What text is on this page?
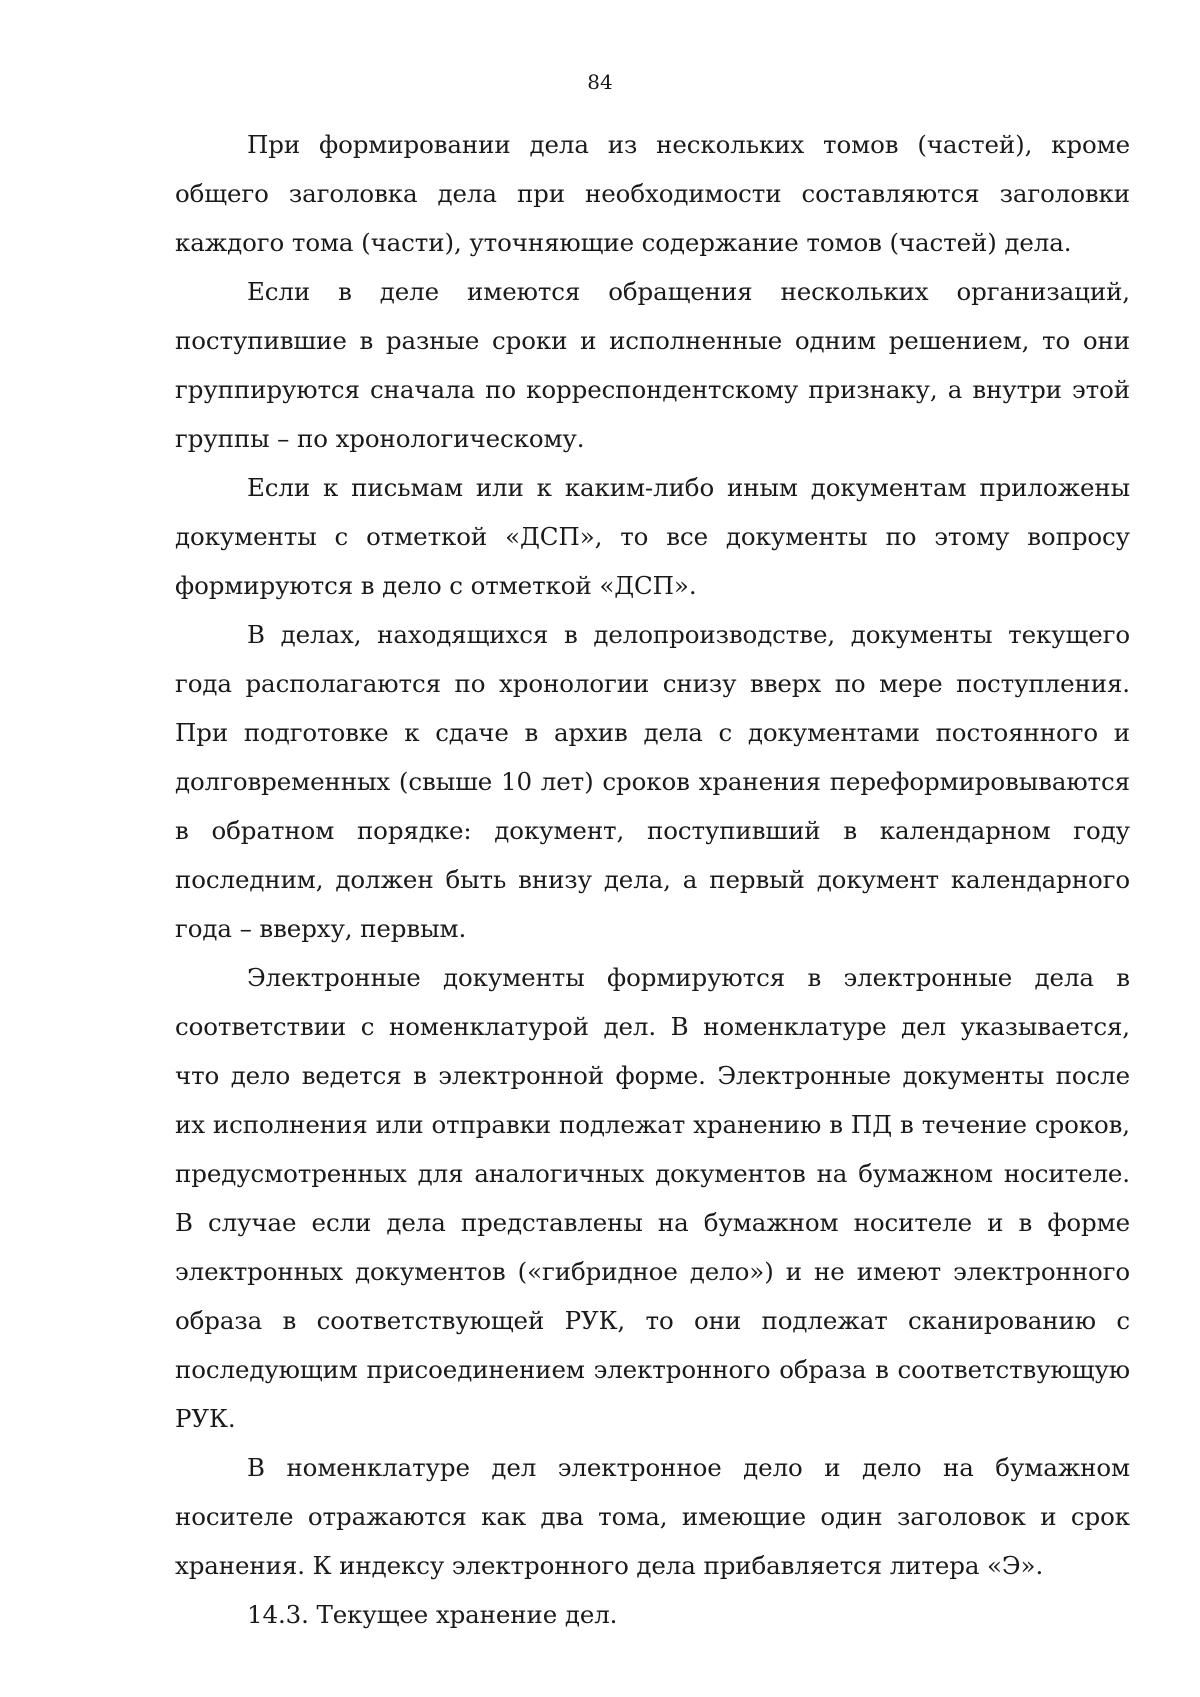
84

При формировании дела из нескольких томов (частей), кроме общего заголовка дела при необходимости составляются заголовки каждого тома (части), уточняющие содержание томов (частей) дела.

Если в деле имеются обращения нескольких организаций, поступившие в разные сроки и исполненные одним решением, то они группируются сначала по корреспондентскому признаку, а внутри этой группы – по хронологическому.

Если к письмам или к каким-либо иным документам приложены документы с отметкой «ДСП», то все документы по этому вопросу формируются в дело с отметкой «ДСП».

В делах, находящихся в делопроизводстве, документы текущего года располагаются по хронологии снизу вверх по мере поступления. При подготовке к сдаче в архив дела с документами постоянного и долговременных (свыше 10 лет) сроков хранения переформировываются в обратном порядке: документ, поступивший в календарном году последним, должен быть внизу дела, а первый документ календарного года – вверху, первым.

Электронные документы формируются в электронные дела в соответствии с номенклатурой дел. В номенклатуре дел указывается, что дело ведется в электронной форме. Электронные документы после их исполнения или отправки подлежат хранению в ПД в течение сроков, предусмотренных для аналогичных документов на бумажном носителе. В случае если дела представлены на бумажном носителе и в форме электронных документов («гибридное дело») и не имеют электронного образа в соответствующей РУК, то они подлежат сканированию с последующим присоединением электронного образа в соответствующую РУК.

В номенклатуре дел электронное дело и дело на бумажном носителе отражаются как два тома, имеющие один заголовок и срок хранения. К индексу электронного дела прибавляется литера «Э».

14.3. Текущее хранение дел.
